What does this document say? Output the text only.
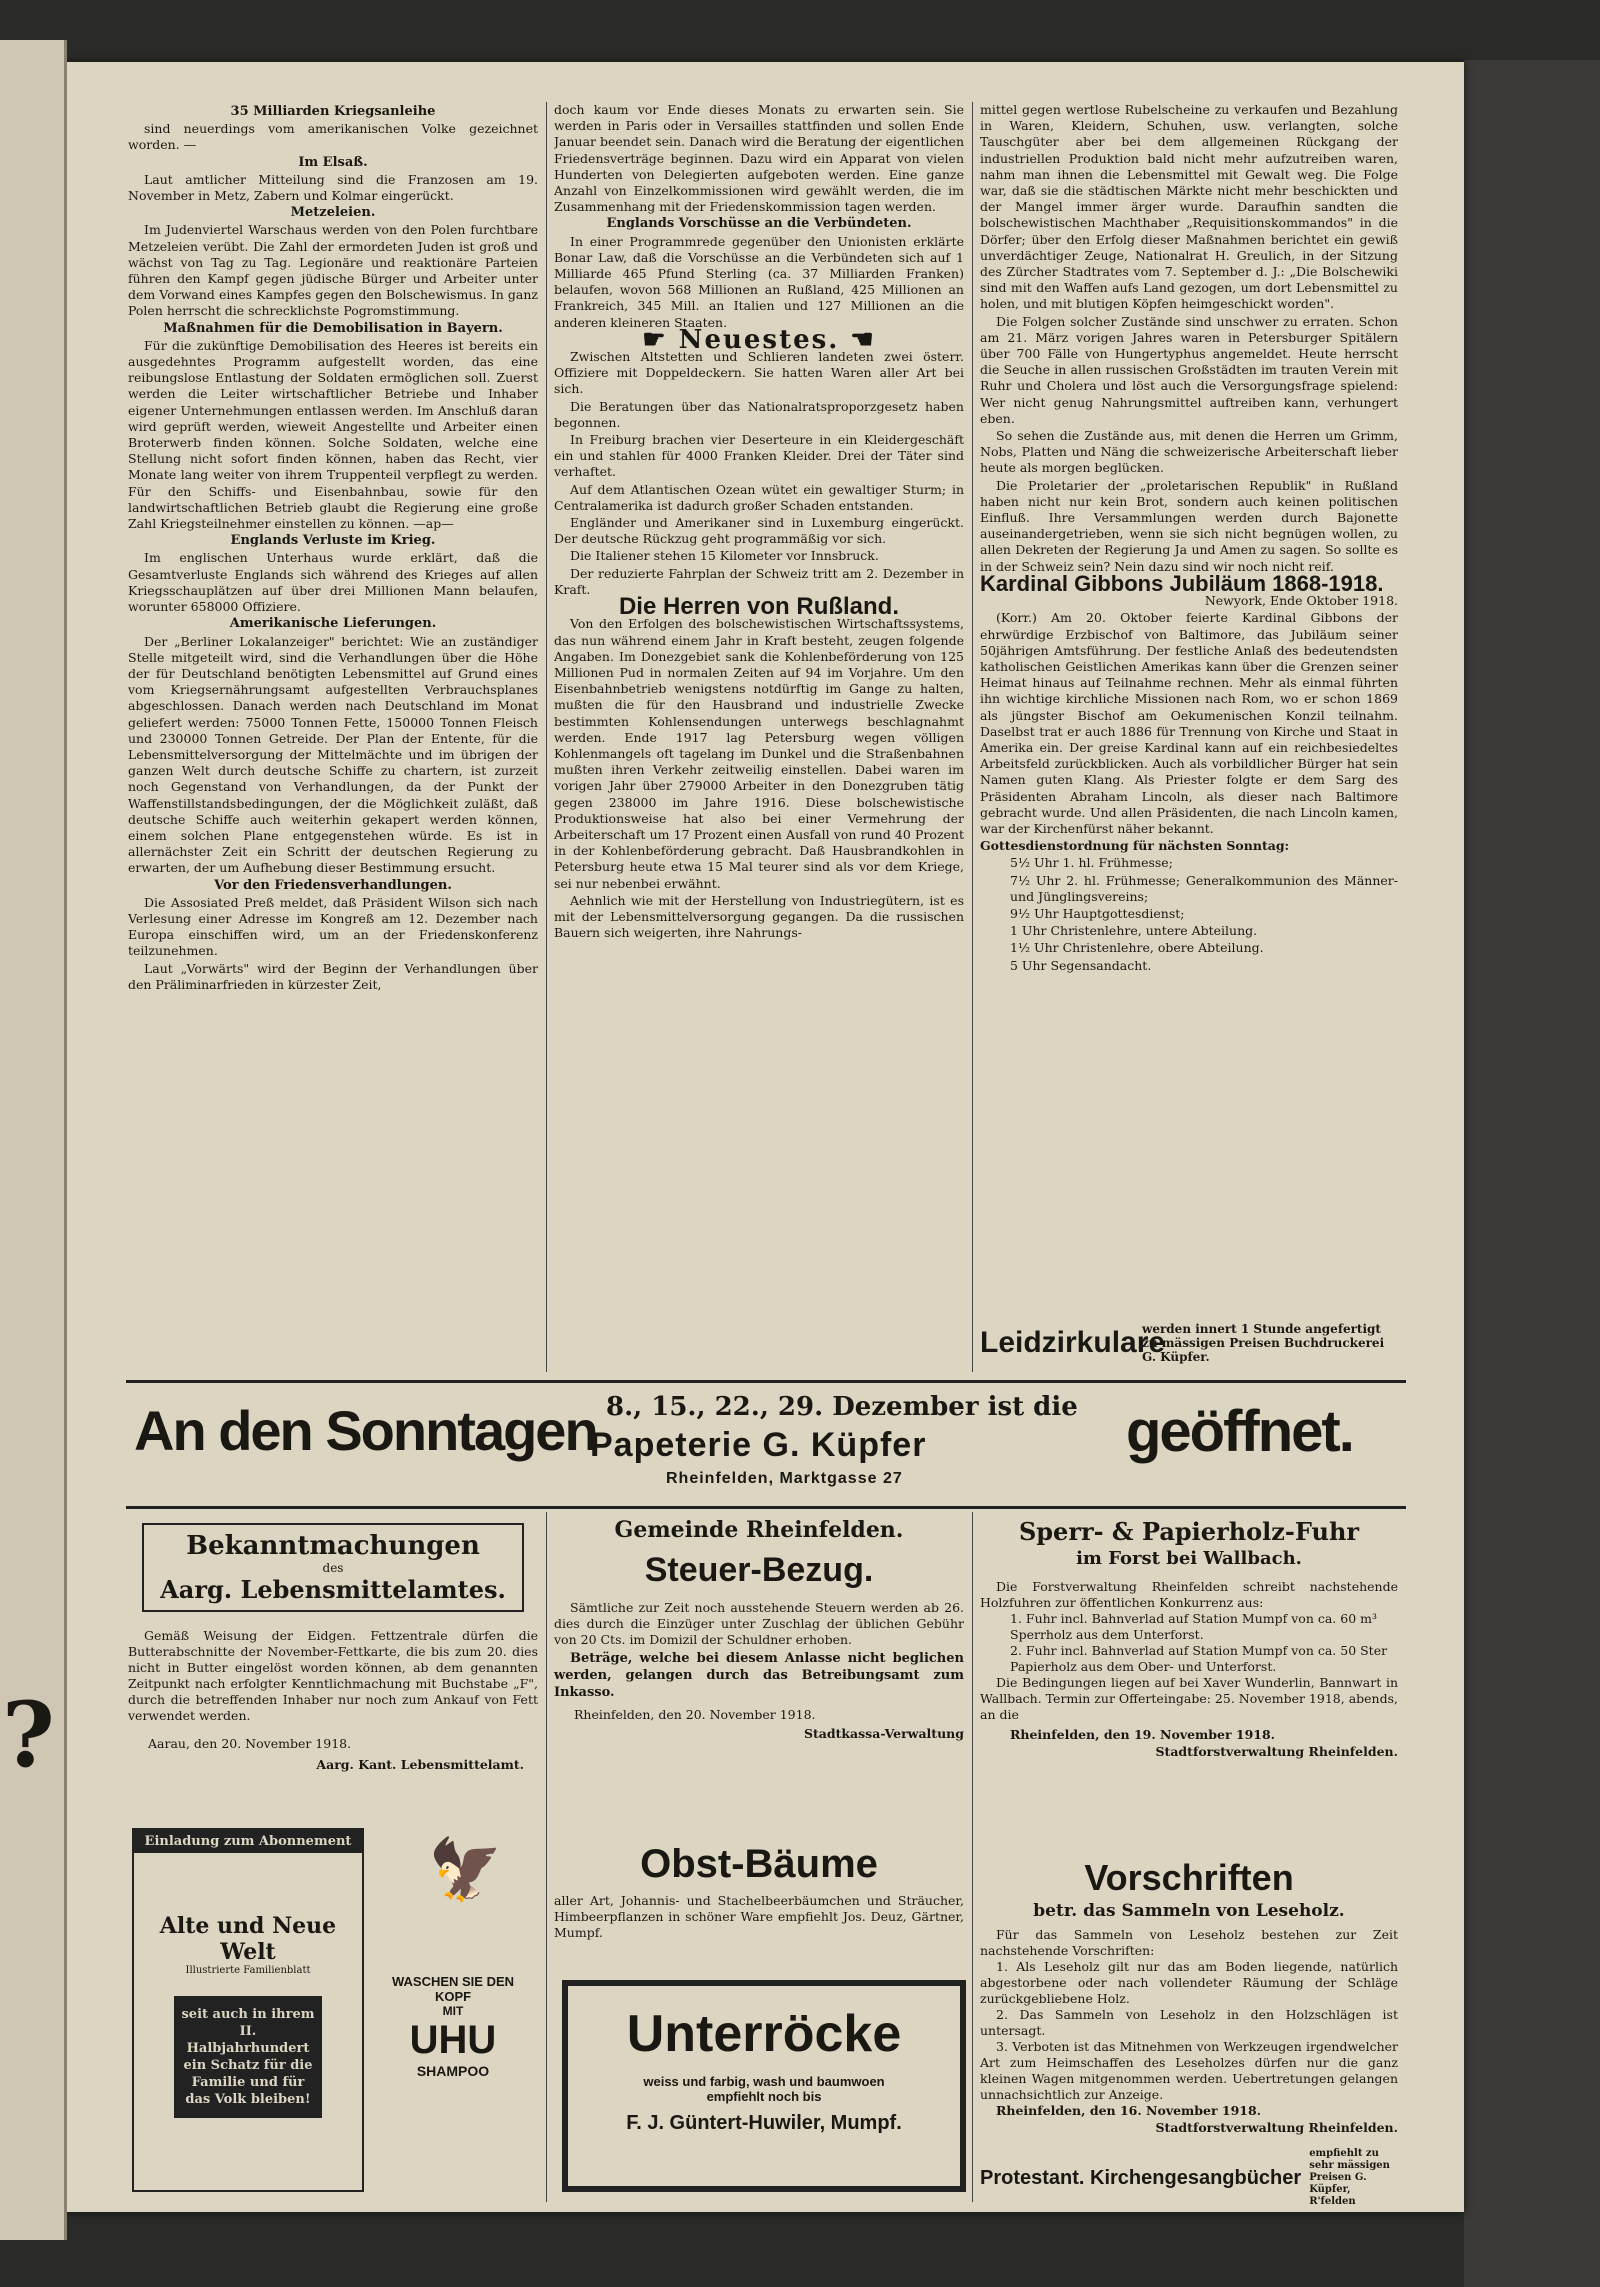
35 Milliarden Kriegsanleihe

sind neuerdings vom amerikanischen Volke gezeichnet worden. —

Im Elsaß.

Laut amtlicher Mitteilung sind die Franzosen am 19. November in Metz, Zabern und Kolmar eingerückt.

Metzeleien.

Im Judenviertel Warschaus werden von den Polen furchtbare Metzeleien verübt. Die Zahl der ermordeten Juden ist groß und wächst von Tag zu Tag. Legionäre und reaktionäre Parteien führen den Kampf gegen jüdische Bürger und Arbeiter unter dem Vorwand eines Kampfes gegen den Bolschewismus. In ganz Polen herrscht die schrecklichste Pogromstimmung.

Maßnahmen für die Demobilisation in Bayern.

Für die zukünftige Demobilisation des Heeres ist bereits ein ausgedehntes Programm aufgestellt worden, das eine reibungslose Entlastung der Soldaten ermöglichen soll. Zuerst werden die Leiter wirtschaftlicher Betriebe und Inhaber eigener Unternehmungen entlassen werden. Im Anschluß daran wird geprüft werden, wieweit Angestellte und Arbeiter einen Broterwerb finden können. Solche Soldaten, welche eine Stellung nicht sofort finden können, haben das Recht, vier Monate lang weiter von ihrem Truppenteil verpflegt zu werden. Für den Schiffs- und Eisenbahnbau, sowie für den landwirtschaftlichen Betrieb glaubt die Regierung eine große Zahl Kriegsteilnehmer einstellen zu können. —ap—

Englands Verluste im Krieg.

Im englischen Unterhaus wurde erklärt, daß die Gesamtverluste Englands sich während des Krieges auf allen Kriegsschauplätzen auf über drei Millionen Mann belaufen, worunter 658000 Offiziere.

Amerikanische Lieferungen.

Der „Berliner Lokalanzeiger" berichtet: Wie an zuständiger Stelle mitgeteilt wird, sind die Verhandlungen über die Höhe der für Deutschland benötigten Lebensmittel auf Grund eines vom Kriegsernährungsamt aufgestellten Verbrauchsplanes abgeschlossen. Danach werden nach Deutschland im Monat geliefert werden: 75000 Tonnen Fette, 150000 Tonnen Fleisch und 230000 Tonnen Getreide. Der Plan der Entente, für die Lebensmittelversorgung der Mittelmächte und im übrigen der ganzen Welt durch deutsche Schiffe zu chartern, ist zurzeit noch Gegenstand von Verhandlungen, da der Punkt der Waffenstillstandsbedingungen, der die Möglichkeit zuläßt, daß deutsche Schiffe auch weiterhin gekapert werden können, einem solchen Plane entgegenstehen würde. Es ist in allernächster Zeit ein Schritt der deutschen Regierung zu erwarten, der um Aufhebung dieser Bestimmung ersucht.

Vor den Friedensverhandlungen.

Die Assosiated Preß meldet, daß Präsident Wilson sich nach Verlesung einer Adresse im Kongreß am 12. Dezember nach Europa einschiffen wird, um an der Friedenskonferenz teilzunehmen.

Laut „Vorwärts" wird der Beginn der Verhandlungen über den Präliminarfrieden in kürzester Zeit,

doch kaum vor Ende dieses Monats zu erwarten sein. Sie werden in Paris oder in Versailles stattfinden und sollen Ende Januar beendet sein. Danach wird die Beratung der eigentlichen Friedensverträge beginnen. Dazu wird ein Apparat von vielen Hunderten von Delegierten aufgeboten werden. Eine ganze Anzahl von Einzelkommissionen wird gewählt werden, die im Zusammenhang mit der Friedenskommission tagen werden.

Englands Vorschüsse an die Verbündeten.

In einer Programmrede gegenüber den Unionisten erklärte Bonar Law, daß die Vorschüsse an die Verbündeten sich auf 1 Milliarde 465 Pfund Sterling (ca. 37 Milliarden Franken) belaufen, wovon 568 Millionen an Rußland, 425 Millionen an Frankreich, 345 Mill. an Italien und 127 Millionen an die anderen kleineren Staaten.

☛ Neuestes. ☚

Zwischen Altstetten und Schlieren landeten zwei österr. Offiziere mit Doppeldeckern. Sie hatten Waren aller Art bei sich.

Die Beratungen über das Nationalratsproporzgesetz haben begonnen.

In Freiburg brachen vier Deserteure in ein Kleidergeschäft ein und stahlen für 4000 Franken Kleider. Drei der Täter sind verhaftet.

Auf dem Atlantischen Ozean wütet ein gewaltiger Sturm; in Centralamerika ist dadurch großer Schaden entstanden.

Engländer und Amerikaner sind in Luxemburg eingerückt. Der deutsche Rückzug geht programmäßig vor sich.

Die Italiener stehen 15 Kilometer vor Innsbruck.

Der reduzierte Fahrplan der Schweiz tritt am 2. Dezember in Kraft.

Die Herren von Rußland.

Von den Erfolgen des bolschewistischen Wirtschaftssystems, das nun während einem Jahr in Kraft besteht, zeugen folgende Angaben. Im Donezgebiet sank die Kohlenbeförderung von 125 Millionen Pud in normalen Zeiten auf 94 im Vorjahre. Um den Eisenbahnbetrieb wenigstens notdürftig im Gange zu halten, mußten die für den Hausbrand und industrielle Zwecke bestimmten Kohlensendungen unterwegs beschlagnahmt werden. Ende 1917 lag Petersburg wegen völligen Kohlenmangels oft tagelang im Dunkel und die Straßenbahnen mußten ihren Verkehr zeitweilig einstellen. Dabei waren im vorigen Jahr über 279000 Arbeiter in den Donezgruben tätig gegen 238000 im Jahre 1916. Diese bolschewistische Produktionsweise hat also bei einer Vermehrung der Arbeiterschaft um 17 Prozent einen Ausfall von rund 40 Prozent in der Kohlenbeförderung gebracht. Daß Hausbrandkohlen in Petersburg heute etwa 15 Mal teurer sind als vor dem Kriege, sei nur nebenbei erwähnt.

Aehnlich wie mit der Herstellung von Industriegütern, ist es mit der Lebensmittelversorgung gegangen. Da die russischen Bauern sich weigerten, ihre Nahrungs-

mittel gegen wertlose Rubelscheine zu verkaufen und Bezahlung in Waren, Kleidern, Schuhen, usw. verlangten, solche Tauschgüter aber bei dem allgemeinen Rückgang der industriellen Produktion bald nicht mehr aufzutreiben waren, nahm man ihnen die Lebensmittel mit Gewalt weg. Die Folge war, daß sie die städtischen Märkte nicht mehr beschickten und der Mangel immer ärger wurde. Daraufhin sandten die bolschewistischen Machthaber „Requisitionskommandos" in die Dörfer; über den Erfolg dieser Maßnahmen berichtet ein gewiß unverdächtiger Zeuge, Nationalrat H. Greulich, in der Sitzung des Zürcher Stadtrates vom 7. September d. J.: „Die Bolschewiki sind mit den Waffen aufs Land gezogen, um dort Lebensmittel zu holen, und mit blutigen Köpfen heimgeschickt worden".

Die Folgen solcher Zustände sind unschwer zu erraten. Schon am 21. März vorigen Jahres waren in Petersburger Spitälern über 700 Fälle von Hungertyphus angemeldet. Heute herrscht die Seuche in allen russischen Großstädten im trauten Verein mit Ruhr und Cholera und löst auch die Versorgungsfrage spielend: Wer nicht genug Nahrungsmittel auftreiben kann, verhungert eben.

So sehen die Zustände aus, mit denen die Herren um Grimm, Nobs, Platten und Näng die schweizerische Arbeiterschaft lieber heute als morgen beglücken.

Die Proletarier der „proletarischen Republik" in Rußland haben nicht nur kein Brot, sondern auch keinen politischen Einfluß. Ihre Versammlungen werden durch Bajonette auseinandergetrieben, wenn sie sich nicht begnügen wollen, zu allen Dekreten der Regierung Ja und Amen zu sagen. So sollte es in der Schweiz sein? Nein dazu sind wir noch nicht reif.

Kardinal Gibbons Jubiläum 1868-1918.

Newyork, Ende Oktober 1918.

(Korr.) Am 20. Oktober feierte Kardinal Gibbons der ehrwürdige Erzbischof von Baltimore, das Jubiläum seiner 50jährigen Amtsführung. Der festliche Anlaß des bedeutendsten katholischen Geistlichen Amerikas kann über die Grenzen seiner Heimat hinaus auf Teilnahme rechnen. Mehr als einmal führten ihn wichtige kirchliche Missionen nach Rom, wo er schon 1869 als jüngster Bischof am Oekumenischen Konzil teilnahm. Daselbst trat er auch 1886 für Trennung von Kirche und Staat in Amerika ein. Der greise Kardinal kann auf ein reichbesiedeltes Arbeitsfeld zurückblicken. Auch als vorbildlicher Bürger hat sein Namen guten Klang. Als Priester folgte er dem Sarg des Präsidenten Abraham Lincoln, als dieser nach Baltimore gebracht wurde. Und allen Präsidenten, die nach Lincoln kamen, war der Kirchenfürst näher bekannt.

Gottesdienstordnung für nächsten Sonntag:

5½ Uhr 1. hl. Frühmesse;

7½ Uhr 2. hl. Frühmesse; Generalkommunion des Männer- und Jünglingsvereins;

9½ Uhr Hauptgottesdienst;

1 Uhr Christenlehre, untere Abteilung.

1½ Uhr Christenlehre, obere Abteilung.

5 Uhr Segensandacht.

Leidzirkulare
werden innert 1 Stunde angefertigt zu mässigen Preisen Buchdruckerei G. Küpfer.
An den Sonntagen 8., 15., 22., 29. Dezember ist die
Papeterie G. Küpfer
Rheinfelden, Marktgasse 27
geöffnet.
Bekanntmachungen
des
Aarg. Lebensmittelamtes.
Gemäß Weisung der Eidgen. Fettzentrale dürfen die Butterabschnitte der November-Fettkarte, die bis zum 20. dies nicht in Butter eingelöst worden können, ab dem genannten Zeitpunkt nach erfolgter Kenntlichmachung mit Buchstabe „F", durch die betreffenden Inhaber nur noch zum Ankauf von Fett verwendet werden.
Aarau, den 20. November 1918.
Aarg. Kant. Lebensmittelamt.
Einladung zum Abonnement
Alte und Neue Welt
Illustrierte Familienblatt
seit auch in ihrem II. Halbjahrhundert ein Schatz für die Familie und für das Volk bleiben!
🦅
WASCHEN SIE DEN KOPF
MIT
UHU
SHAMPOO
Gemeinde Rheinfelden.
Steuer-Bezug.
Sämtliche zur Zeit noch ausstehende Steuern werden ab 26. dies durch die Einzüger unter Zuschlag der üblichen Gebühr von 20 Cts. im Domizil der Schuldner erhoben.
Beträge, welche bei diesem Anlasse nicht beglichen werden, gelangen durch das Betreibungsamt zum Inkasso.
Rheinfelden, den 20. November 1918.
Stadtkassa-Verwaltung
Obst-Bäume
aller Art, Johannis- und Stachelbeerbäumchen und Sträucher, Himbeerpflanzen in schöner Ware empfiehlt Jos. Deuz, Gärtner, Mumpf.
Unterröcke
weiss und farbig, wash und baumwoen
empfiehlt noch bis
F. J. Güntert-Huwiler, Mumpf.
Sperr- & Papierholz-Fuhr
im Forst bei Wallbach.
Die Forstverwaltung Rheinfelden schreibt nachstehende Holzfuhren zur öffentlichen Konkurrenz aus:
1. Fuhr incl. Bahnverlad auf Station Mumpf von ca. 60 m³ Sperrholz aus dem Unterforst.
2. Fuhr incl. Bahnverlad auf Station Mumpf von ca. 50 Ster Papierholz aus dem Ober- und Unterforst.
Die Bedingungen liegen auf bei Xaver Wunderlin, Bannwart in Wallbach. Termin zur Offerteingabe: 25. November 1918, abends, an die
Rheinfelden, den 19. November 1918.
Stadtforstverwaltung Rheinfelden.
Vorschriften
betr. das Sammeln von Leseholz.
Für das Sammeln von Leseholz bestehen zur Zeit nachstehende Vorschriften:
1. Als Leseholz gilt nur das am Boden liegende, natürlich abgestorbene oder nach vollendeter Räumung der Schläge zurückgebliebene Holz.
2. Das Sammeln von Leseholz in den Holzschlägen ist untersagt.
3. Verboten ist das Mitnehmen von Werkzeugen irgendwelcher Art zum Heimschaffen des Leseholzes dürfen nur die ganz kleinen Wagen mitgenommen werden. Uebertretungen gelangen unnachsichtlich zur Anzeige.
Rheinfelden, den 16. November 1918.
Stadtforstverwaltung Rheinfelden.
Protestant. Kirchengesangbücher
empfiehlt zu sehr mässigen Preisen G. Küpfer, R'felden
?
